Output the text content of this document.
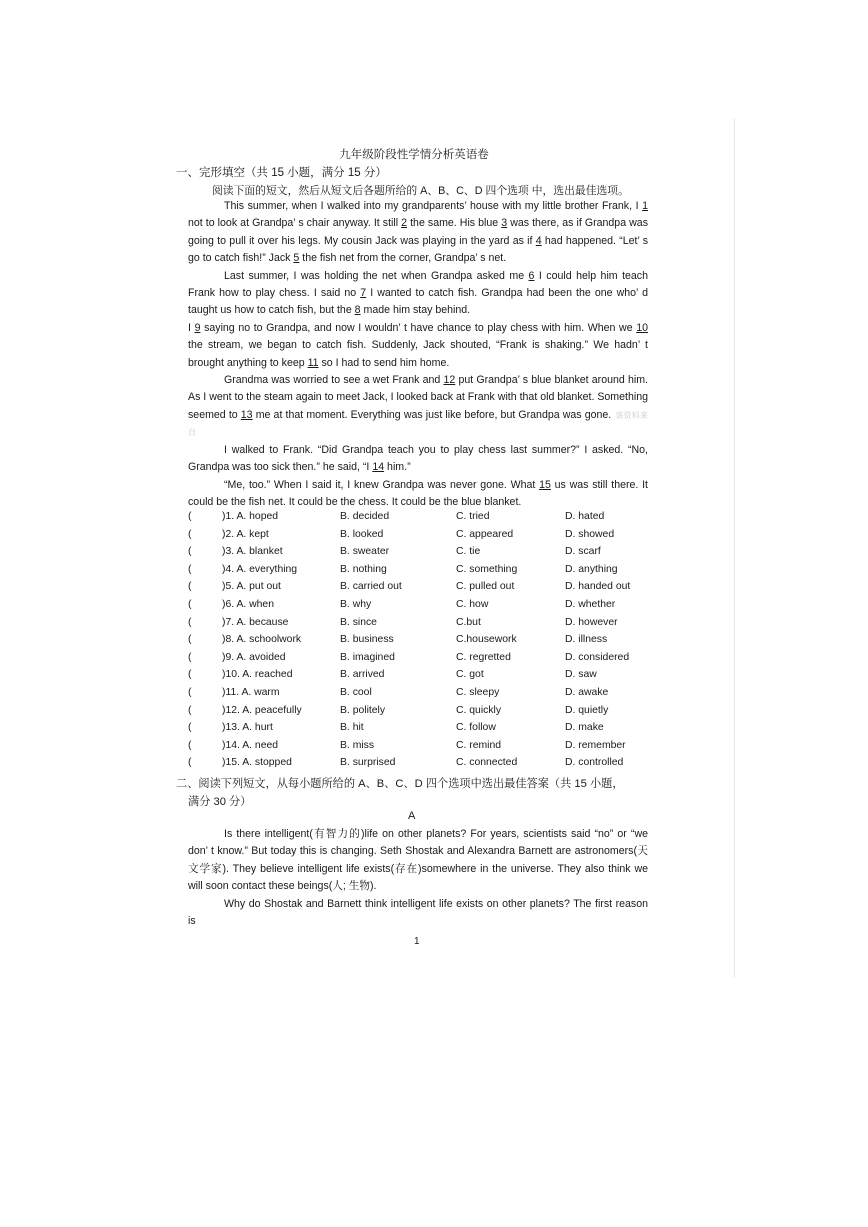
九年级阶段性学情分析英语卷
一、完形填空（共 15 小题，满分 15 分）
阅读下面的短文，然后从短文后各题所给的 A、B、C、D 四个选项 中，选出最佳选项。

This summer, when I walked into my grandparents’ house with my little brother Frank, I 1 not to look at Grandpa’ s chair anyway. It still 2 the same. His blue 3 was there, as if Grandpa was going to pull it over his legs. My cousin Jack was playing in the yard as if 4 had happened. “Let’ s go to catch fish!” Jack 5 the fish net from the corner, Grandpa’ s net.

Last summer, I was holding the net when Grandpa asked me 6 I could help him teach Frank how to play chess. I said no 7 I wanted to catch fish. Grandpa had been the one who’ d taught us how to catch fish, but the 8 made him stay behind.

I 9 saying no to Grandpa, and now I wouldn’ t have chance to play chess with him. When we 10 the stream, we began to catch fish. Suddenly, Jack shouted, “Frank is shaking.” We hadn’ t brought anything to keep 11 so I had to send him home.

Grandma was worried to see a wet Frank and 12 put Grandpa’ s blue blanket around him. As I went to the steam again to meet Jack, I looked back at Frank with that old blanket. Something seemed to 13 me at that moment. Everything was just like before, but Grandpa was gone. 该资料来自

I walked to Frank. “Did Grandpa teach you to play chess last summer?” I asked. “No, Grandpa was too sick then.” he said, “I 14 him.”

“Me, too.” When I said it, I knew Grandpa was never gone. What 15 us was still there. It could be the fish net. It could be the chess. It could be the blue blanket.

(	)1. A. hoped	B. decided	C. tried	D. hated
(	)2. A. kept	B. looked	C. appeared	D. showed
(	)3. A. blanket	B. sweater	C. tie	D. scarf
(	)4. A. everything	B. nothing	C. something	D. anything
(	)5. A. put out	B. carried out	C. pulled out	D. handed out
(	)6. A. when	B. why	C. how	D. whether
(	)7. A. because	B. since	C.but	D. however
(	)8. A. schoolwork	B. business	C.housework	D. illness
(	)9. A. avoided	B. imagined	C. regretted	D. considered
(	)10. A. reached	B. arrived	C. got	D. saw
(	)11. A. warm	B. cool	C. sleepy	D. awake
(	)12. A. peacefully	B. politely	C. quickly	D. quietly
(	)13. A. hurt	B. hit	C. follow	D. make
(	)14. A. need	B. miss	C. remind	D. remember
(	)15. A. stopped	B. surprised	C. connected	D. controlled
二、阅读下列短文，从每小题所给的 A、B、C、D 四个选项中选出最佳答案（共 15 小题，
满分 30 分）
A

Is there intelligent(有智力的)life on other planets? For years, scientists said “no” or “we don’ t know.” But today this is changing. Seth Shostak and Alexandra Barnett are astronomers(天文学家). They believe intelligent life exists(存在)somewhere in the universe. They also think we will soon contact these beings(人; 生物).

Why do Shostak and Barnett think intelligent life exists on other planets? The first reason is

1
